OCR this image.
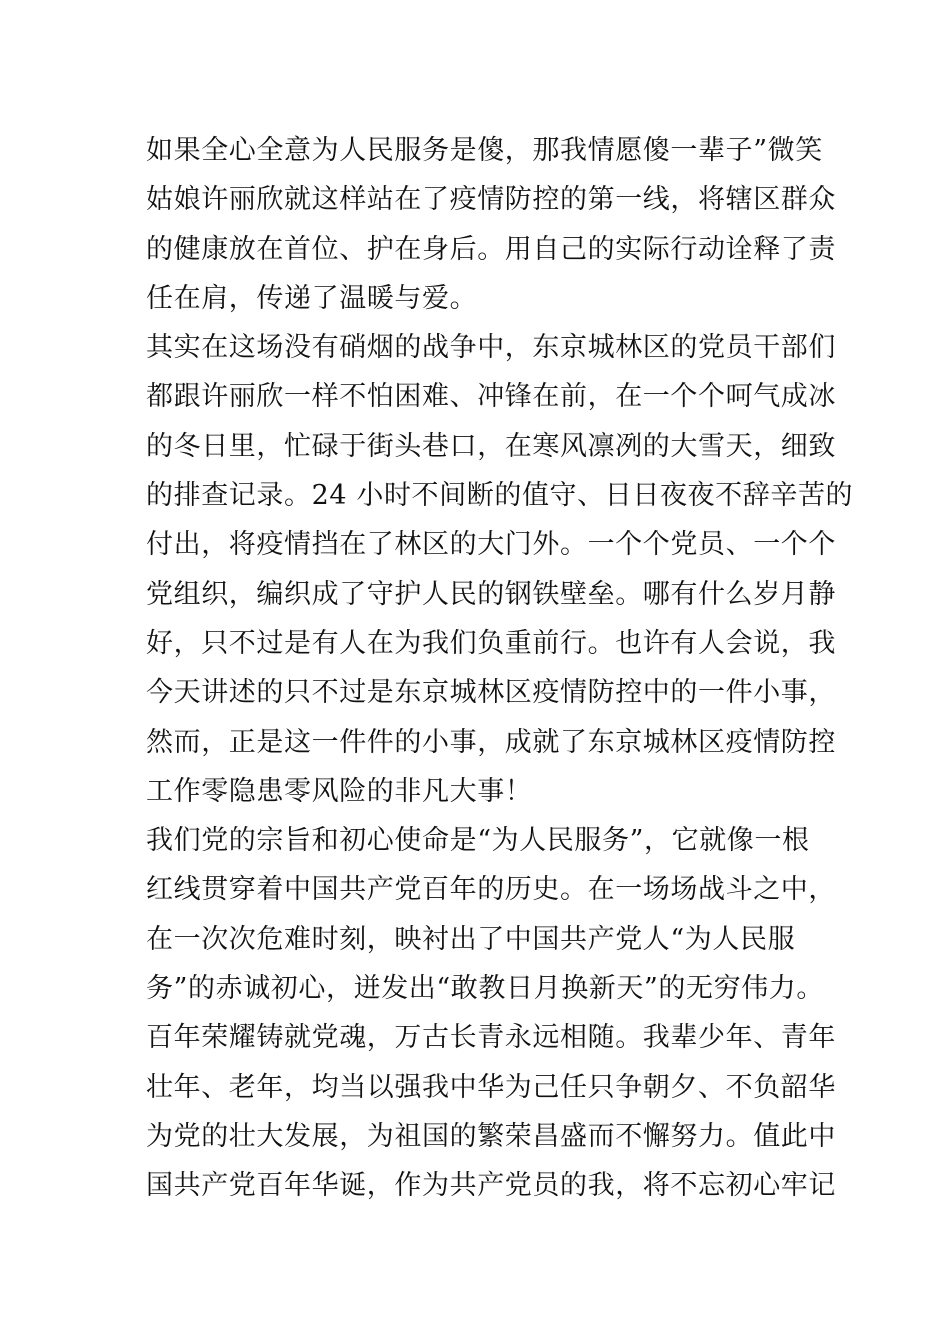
如果全心全意为人民服务是傻，那我情愿傻一辈子”微笑
姑娘许丽欣就这样站在了疫情防控的第一线，将辖区群众
的健康放在首位、护在身后。用自己的实际行动诠释了责
任在肩，传递了温暖与爱。
其实在这场没有硝烟的战争中，东京城林区的党员干部们
都跟许丽欣一样不怕困难、冲锋在前，在一个个呵气成冰
的冬日里，忙碌于街头巷口，在寒风凛冽的大雪天，细致
的排查记录。24 小时不间断的值守、日日夜夜不辞辛苦的
付出，将疫情挡在了林区的大门外。一个个党员、一个个
党组织，编织成了守护人民的钢铁壁垒。哪有什么岁月静
好，只不过是有人在为我们负重前行。也许有人会说，我
今天讲述的只不过是东京城林区疫情防控中的一件小事，
然而，正是这一件件的小事，成就了东京城林区疫情防控
工作零隐患零风险的非凡大事！
我们党的宗旨和初心使命是“为人民服务”，它就像一根
红线贯穿着中国共产党百年的历史。在一场场战斗之中，
在一次次危难时刻，映衬出了中国共产党人“为人民服
务”的赤诚初心，迸发出“敢教日月换新天”的无穷伟力。
百年荣耀铸就党魂，万古长青永远相随。我辈少年、青年
壮年、老年，均当以强我中华为己任只争朝夕、不负韶华
为党的壮大发展，为祖国的繁荣昌盛而不懈努力。值此中
国共产党百年华诞，作为共产党员的我，将不忘初心牢记
